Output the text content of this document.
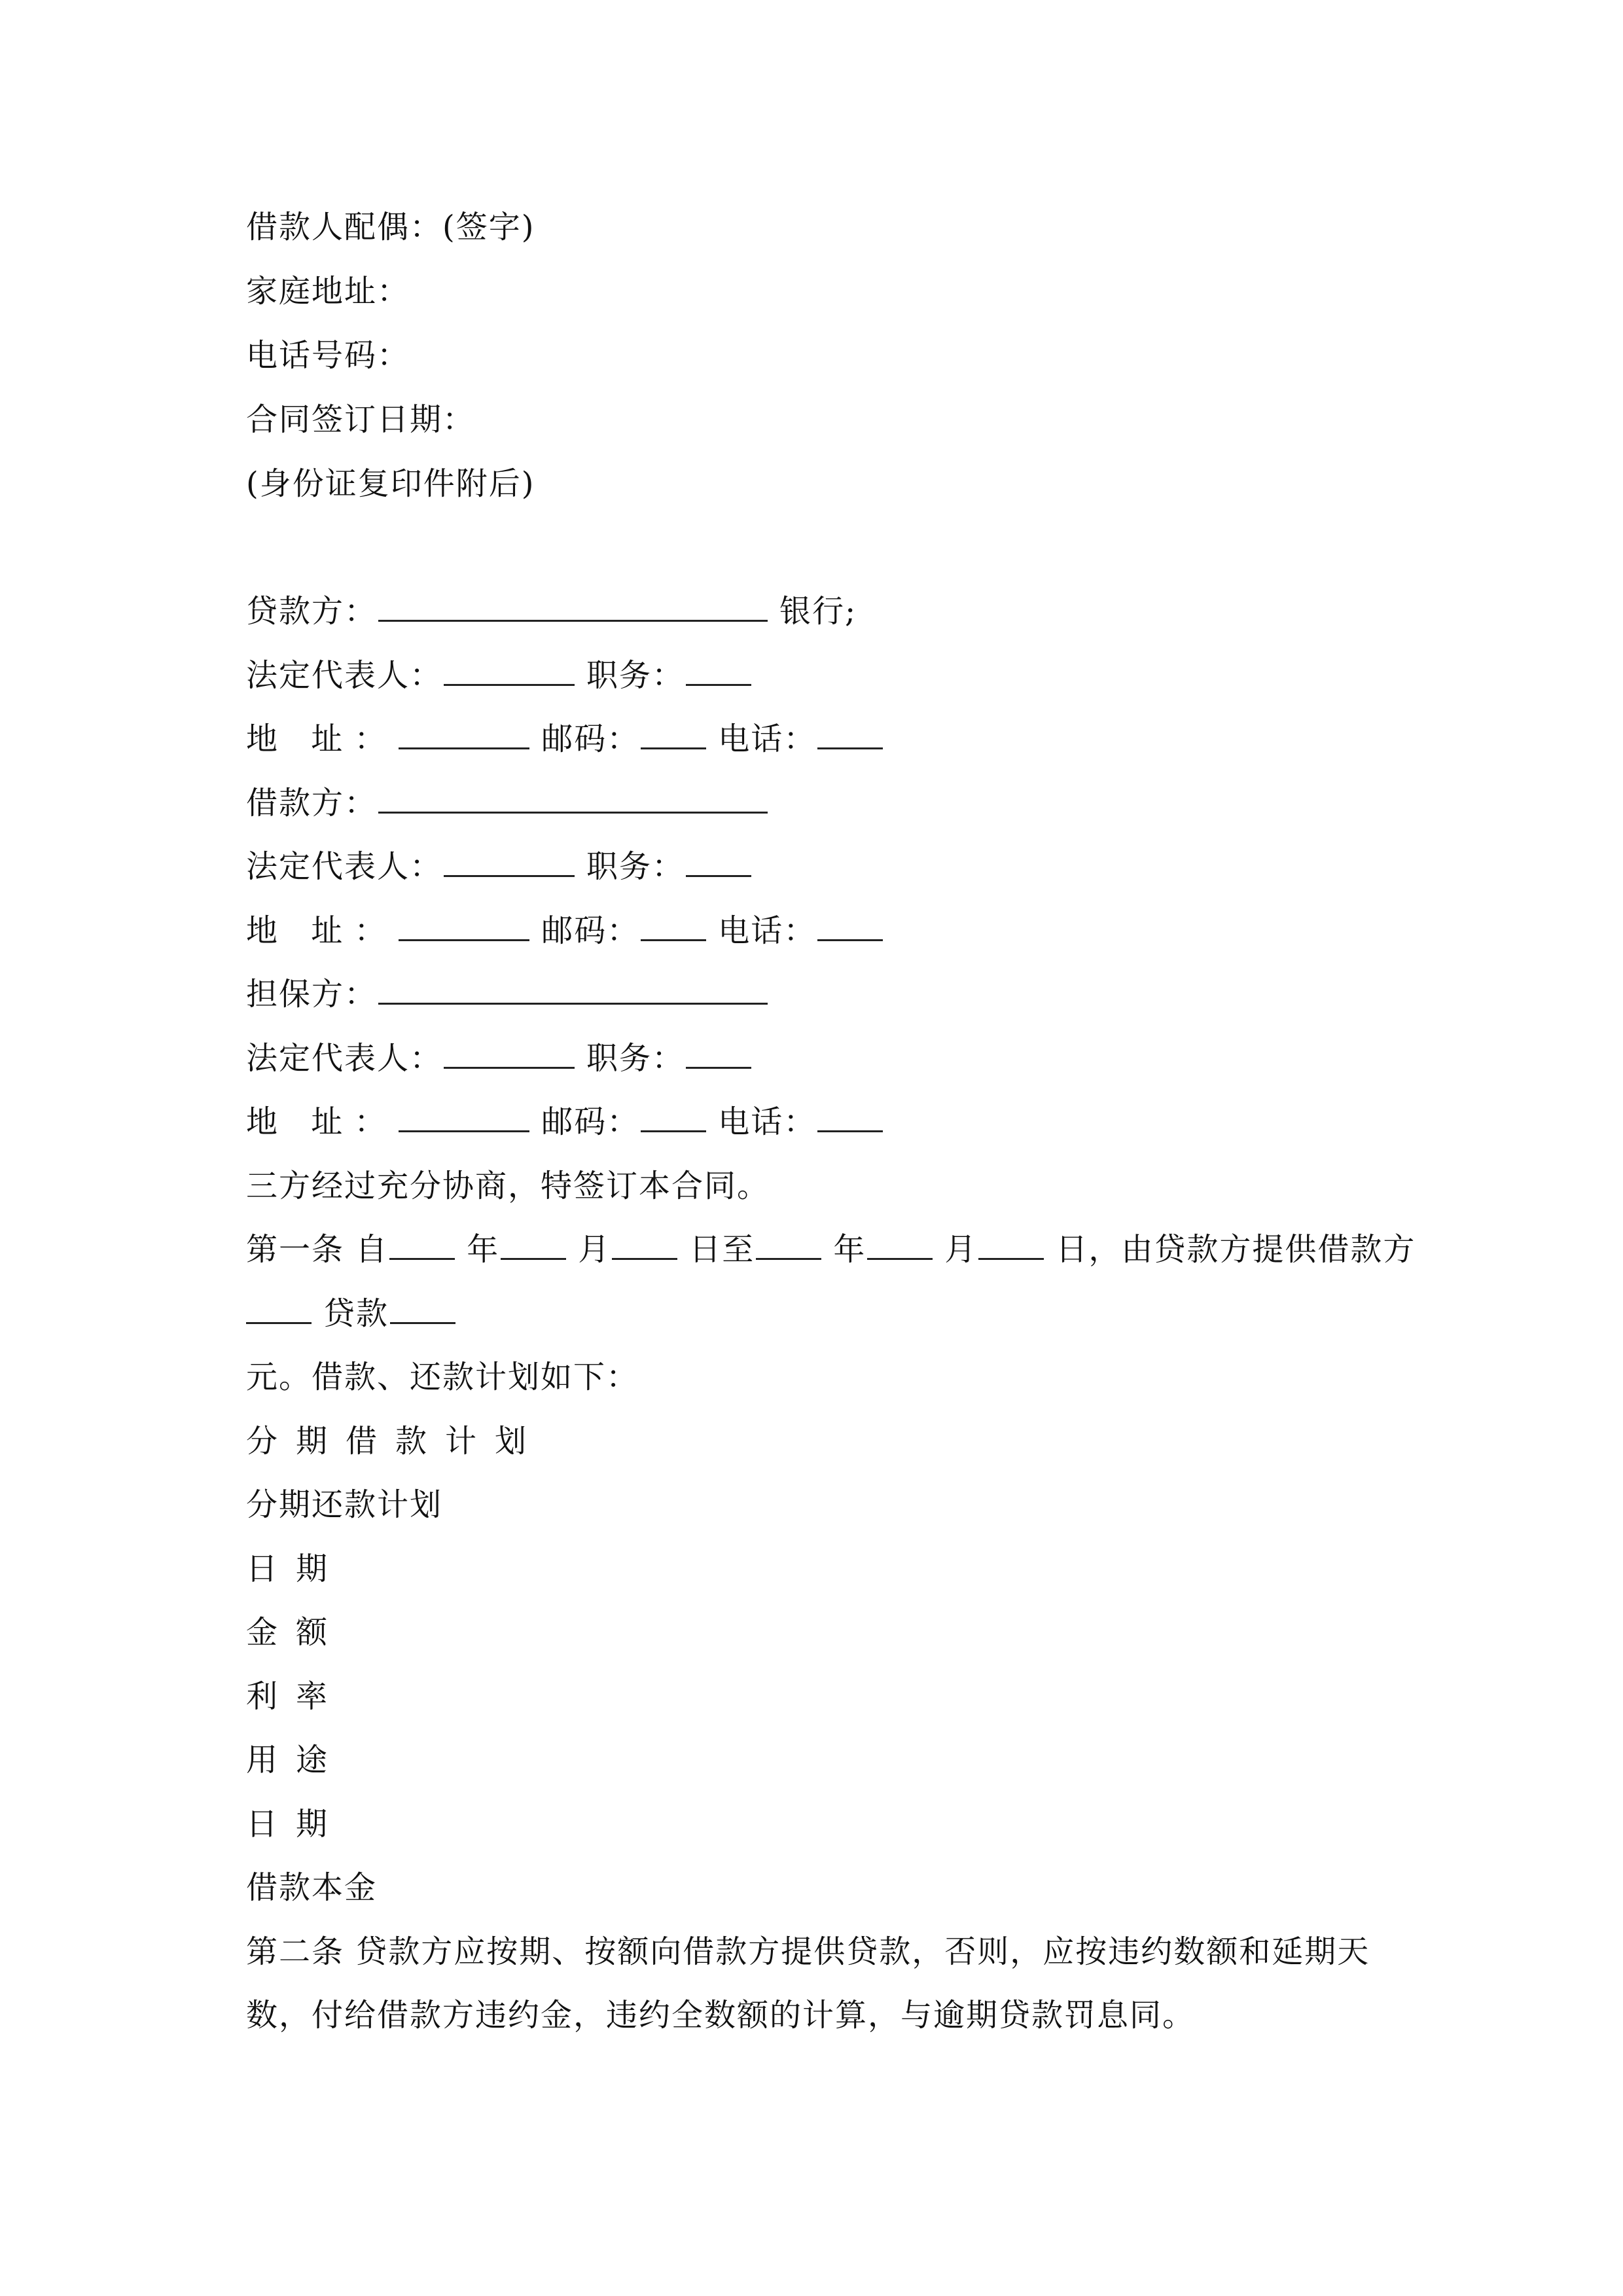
借款人配偶：(签字)
家庭地址：
电话号码：
合同签订日期：
(身份证复印件附后)
贷款方：	银行;
法定代表人：	职务：
地 址：	邮码：	电话：
借款方：
法定代表人：	职务：
地 址：	邮码：	电话：
担保方：
法定代表人：	职务：
地 址：	邮码：	电话：
三方经过充分协商，特签订本合同。
第一条 自	年	月	日至	年	月	日，由贷款方提供借款方
贷款
元。借款、还款计划如下：
分期借款计划
分期还款计划
日期
金额
利率
用途
日期
借款本金
第二条 贷款方应按期、按额向借款方提供贷款，否则，应按违约数额和延期天
数，付给借款方违约金，违约全数额的计算，与逾期贷款罚息同。
